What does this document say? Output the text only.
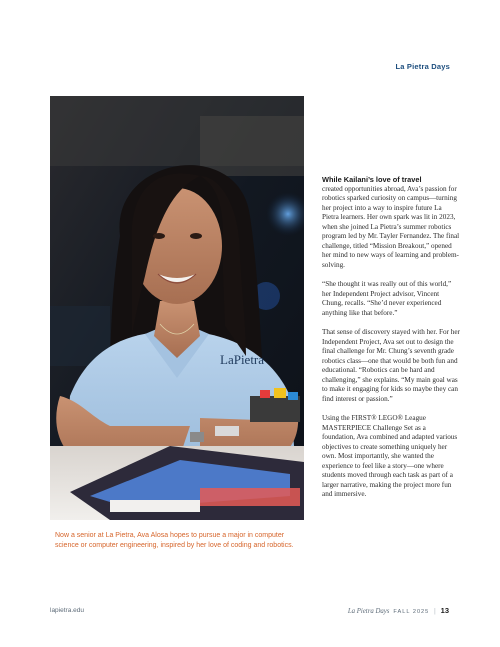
La Pietra Days
LaPietra
Now a senior at La Pietra, Ava Alosa hopes to pursue a major in computer science or computer engineering, inspired by her love of coding and robotics.

While Kailani’s love of travel
created opportunities abroad, Ava’s passion for robotics sparked curiosity on campus—turning her project into a way to inspire future La Pietra learners. Her own spark was lit in 2023, when she joined La Pietra’s summer robotics program led by Mr. Tayler Fernandez. The final challenge, titled “Mission Breakout,” opened her mind to new ways of learning and problem-solving.

“She thought it was really out of this world,” her Independent Project advisor, Vincent Chung, recalls. “She’d never experienced anything like that before.”

That sense of discovery stayed with her. For her Independent Project, Ava set out to design the final challenge for Mr. Chung’s seventh grade robotics class—one that would be both fun and educational. “Robotics can be hard and challenging,” she explains. “My main goal was to make it engaging for kids so maybe they can find interest or passion.”

Using the FIRST® LEGO® League MASTERPIECE Challenge Set as a foundation, Ava combined and adapted various objectives to create something uniquely her own. Most importantly, she wanted the experience to feel like a story—one where students moved through each task as part of a larger narrative, making the project more fun and immersive.

lapietra.edu	La Pietra Days FALL 2025 | 13
